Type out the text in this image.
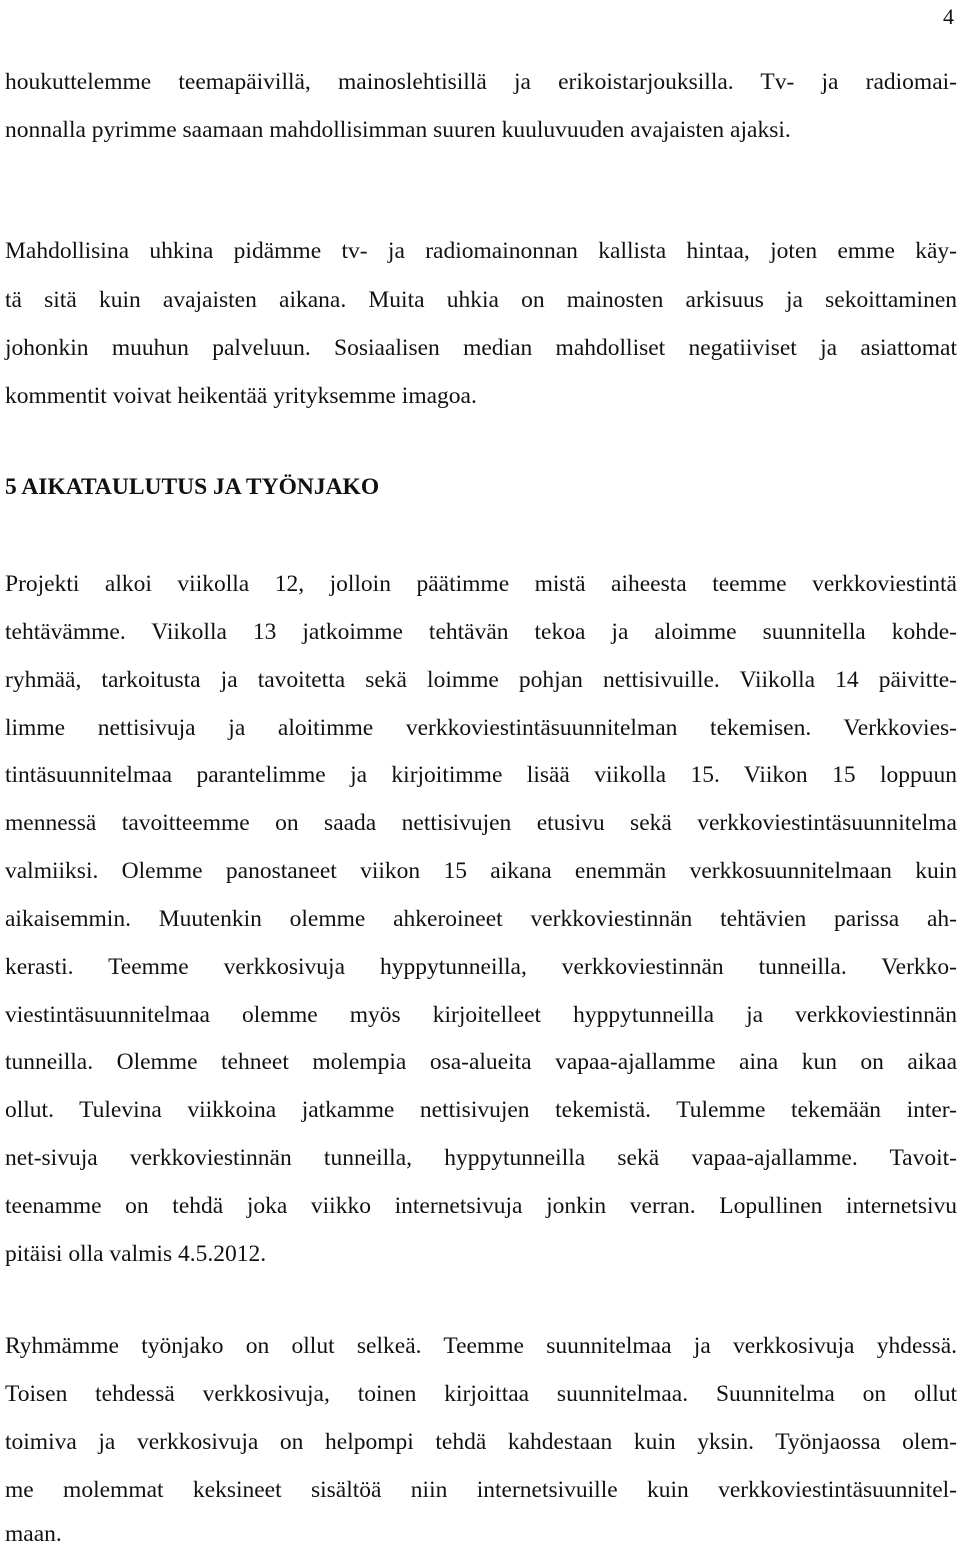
4
houkuttelemme teemapäivillä, mainoslehtisillä ja erikoistarjouksilla. Tv- ja radiomai-
nonnalla pyrimme saamaan mahdollisimman suuren kuuluvuuden avajaisten ajaksi.
Mahdollisina uhkina pidämme tv- ja radiomainonnan kallista hintaa, joten emme käy-
tä sitä kuin avajaisten aikana. Muita uhkia on mainosten arkisuus ja sekoittaminen
johonkin muuhun palveluun. Sosiaalisen median mahdolliset negatiiviset ja asiattomat
kommentit voivat heikentää yrityksemme imagoa.
5 AIKATAULUTUS JA TYÖNJAKO
Projekti alkoi viikolla 12, jolloin päätimme mistä aiheesta teemme verkkoviestintä
tehtävämme. Viikolla 13 jatkoimme tehtävän tekoa ja aloimme suunnitella kohde-
ryhmää, tarkoitusta ja tavoitetta sekä loimme pohjan nettisivuille. Viikolla 14 päivitte-
limme nettisivuja ja aloitimme verkkoviestintäsuunnitelman tekemisen. Verkkovies-
tintäsuunnitelmaa parantelimme ja kirjoitimme lisää viikolla 15. Viikon 15 loppuun
mennessä tavoitteemme on saada nettisivujen etusivu sekä verkkoviestintäsuunnitelma
valmiiksi. Olemme panostaneet viikon 15 aikana enemmän verkkosuunnitelmaan kuin
aikaisemmin. Muutenkin olemme ahkeroineet verkkoviestinnän tehtävien parissa ah-
kerasti. Teemme verkkosivuja hyppytunneilla, verkkoviestinnän tunneilla. Verkko-
viestintäsuunnitelmaa olemme myös kirjoitelleet hyppytunneilla ja verkkoviestinnän
tunneilla. Olemme tehneet molempia osa-alueita vapaa-ajallamme aina kun on aikaa
ollut. Tulevina viikkoina jatkamme nettisivujen tekemistä. Tulemme tekemään inter-
net-sivuja verkkoviestinnän tunneilla, hyppytunneilla sekä vapaa-ajallamme. Tavoit-
teenamme on tehdä joka viikko internetsivuja jonkin verran. Lopullinen internetsivu
pitäisi olla valmis 4.5.2012.
Ryhmämme työnjako on ollut selkeä. Teemme suunnitelmaa ja verkkosivuja yhdessä.
Toisen tehdessä verkkosivuja, toinen kirjoittaa suunnitelmaa. Suunnitelma on ollut
toimiva ja verkkosivuja on helpompi tehdä kahdestaan kuin yksin. Työnjaossa olem-
me molemmat keksineet sisältöä niin internetsivuille kuin verkkoviestintäsuunnitel-
maan.
